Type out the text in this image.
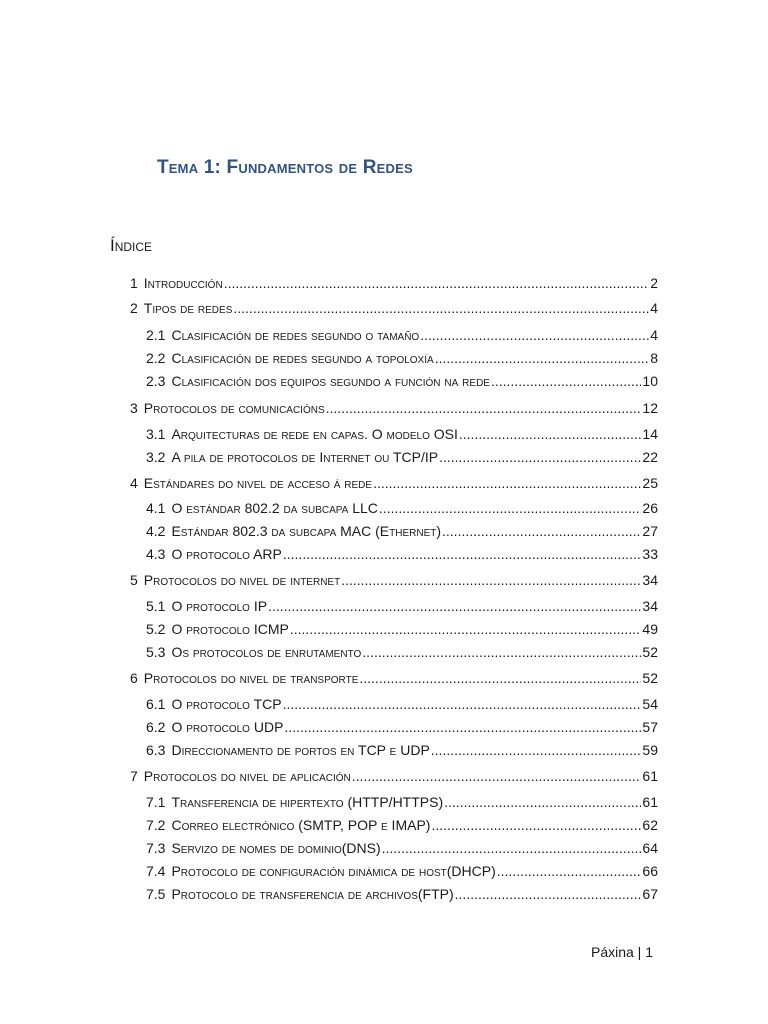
Tema 1: Fundamentos de Redes
Índice
1 Introducción .....	2
2 Tipos de redes .....	4
2.1 Clasificación de redes segundo o tamaño .....	4
2.2 Clasificación de redes segundo a topoloxía .....	8
2.3 Clasificación dos equipos segundo a función na rede .....	10
3 Protocolos de comunicacións .....	12
3.1 Arquitecturas de rede en capas. O modelo OSI .....	14
3.2 A pila de protocolos de Internet ou TCP/IP .....	22
4 Estándares do nivel de acceso á rede .....	25
4.1 O estándar 802.2 da subcapa LLC .....	26
4.2 Estándar 802.3 da subcapa MAC (Ethernet) .....	27
4.3 O protocolo ARP .....	33
5 Protocolos do nivel de internet .....	34
5.1 O protocolo IP .....	34
5.2 O protocolo ICMP .....	49
5.3 Os protocolos de enrutamento .....	52
6 Protocolos do nivel de transporte .....	52
6.1 O protocolo TCP .....	54
6.2 O protocolo UDP .....	57
6.3 Direccionamento de portos en TCP e UDP .....	59
7 Protocolos do nivel de aplicación .....	61
7.1 Transferencia de hipertexto (HTTP/HTTPS) .....	61
7.2 Correo electrónico (SMTP, POP e IMAP) .....	62
7.3 Servizo de nomes de dominio(DNS) .....	64
7.4 Protocolo de configuración dinámica de host(DHCP) .....	66
7.5 Protocolo de transferencia de archivos(FTP) .....	67
Páxina | 1
